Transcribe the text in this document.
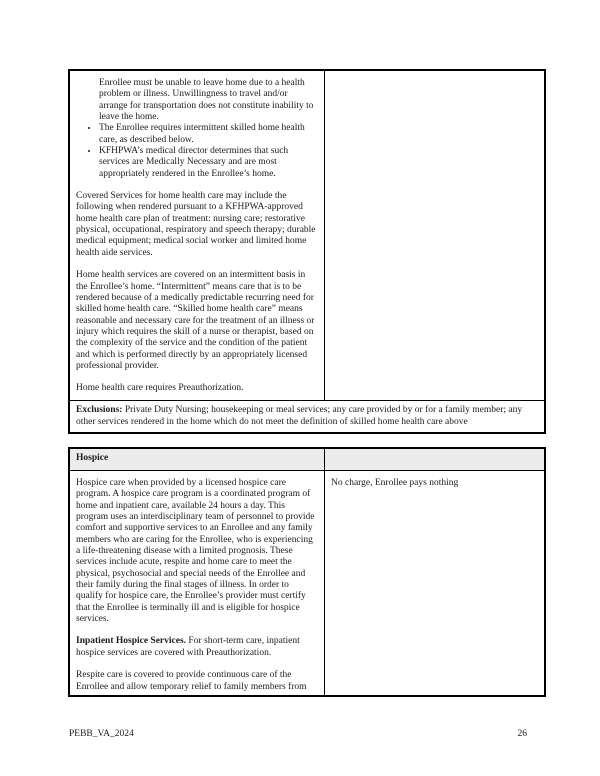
Enrollee must be unable to leave home due to a health problem or illness. Unwillingness to travel and/or arrange for transportation does not constitute inability to leave the home.
• The Enrollee requires intermittent skilled home health care, as described below.
• KFHPWA’s medical director determines that such services are Medically Necessary and are most appropriately rendered in the Enrollee’s home.

Covered Services for home health care may include the following when rendered pursuant to a KFHPWA-approved home health care plan of treatment: nursing care; restorative physical, occupational, respiratory and speech therapy; durable medical equipment; medical social worker and limited home health aide services.

Home health services are covered on an intermittent basis in the Enrollee’s home. “Intermittent” means care that is to be rendered because of a medically predictable recurring need for skilled home health care. “Skilled home health care” means reasonable and necessary care for the treatment of an illness or injury which requires the skill of a nurse or therapist, based on the complexity of the service and the condition of the patient and which is performed directly by an appropriately licensed professional provider.

Home health care requires Preauthorization.

Exclusions: Private Duty Nursing; housekeeping or meal services; any care provided by or for a family member; any other services rendered in the home which do not meet the definition of skilled home health care above
Hospice
Hospice care when provided by a licensed hospice care program. A hospice care program is a coordinated program of home and inpatient care, available 24 hours a day. This program uses an interdisciplinary team of personnel to provide comfort and supportive services to an Enrollee and any family members who are caring for the Enrollee, who is experiencing a life-threatening disease with a limited prognosis. These services include acute, respite and home care to meet the physical, psychosocial and special needs of the Enrollee and their family during the final stages of illness. In order to qualify for hospice care, the Enrollee’s provider must certify that the Enrollee is terminally ill and is eligible for hospice services.

Inpatient Hospice Services. For short-term care, inpatient hospice services are covered with Preauthorization.

Respite care is covered to provide continuous care of the Enrollee and allow temporary relief to family members from

No charge, Enrollee pays nothing
PEBB_VA_2024	26
